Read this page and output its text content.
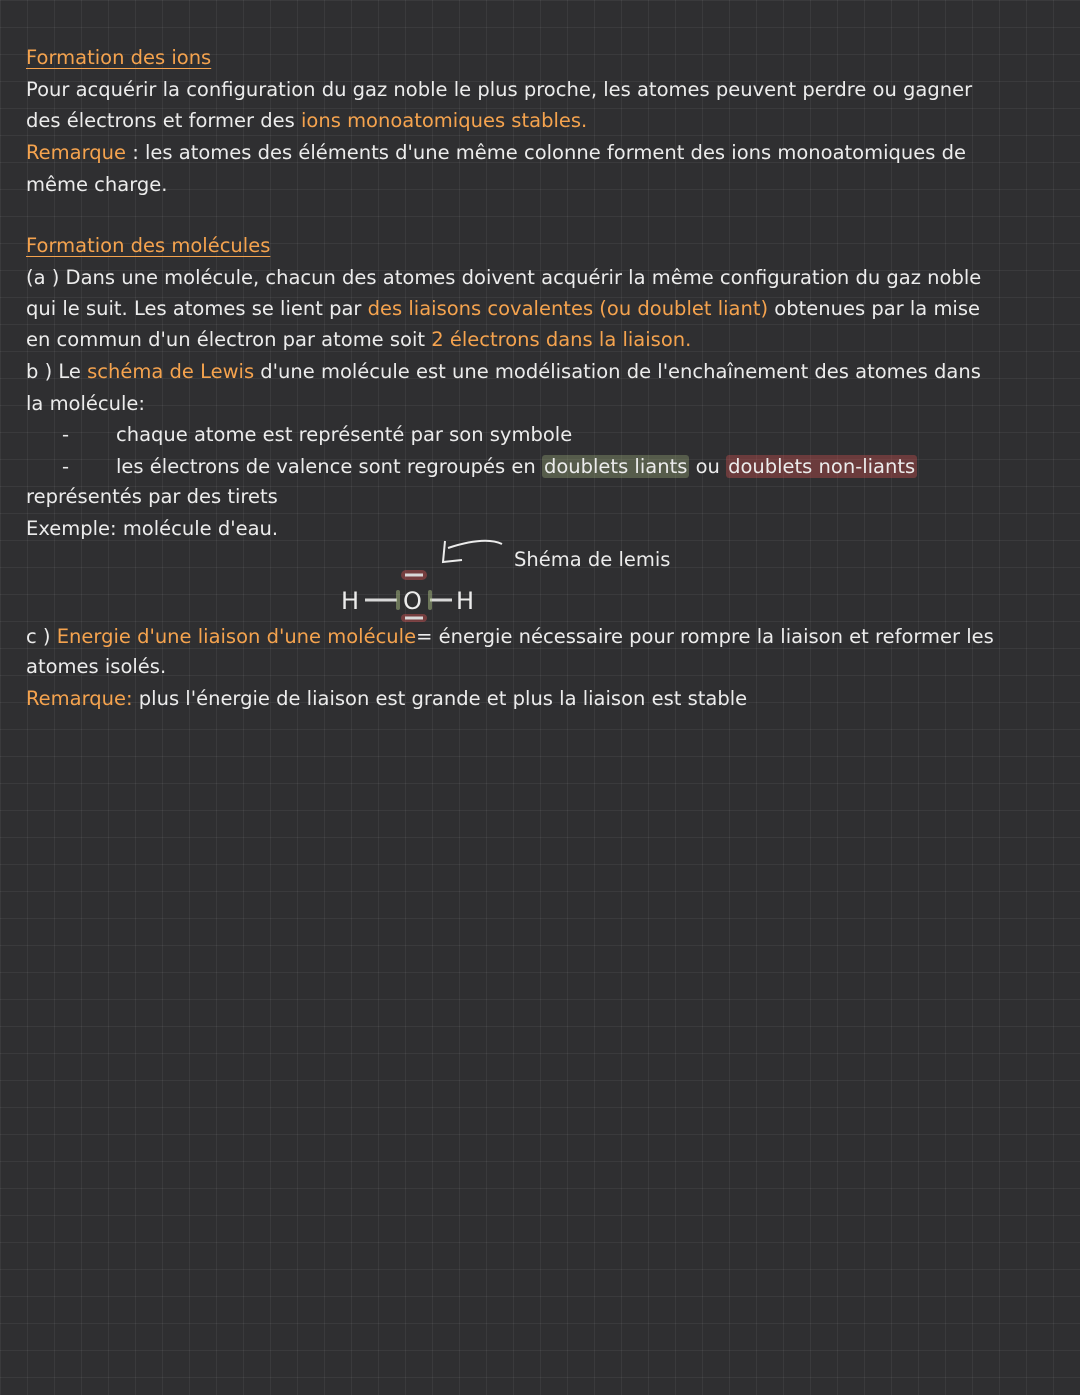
Formation des ions
Pour acquérir la configuration du gaz noble le plus proche, les atomes peuvent perdre ou gagner
des électrons et former des ions monoatomiques stables.
Remarque : les atomes des éléments d'une même colonne forment des ions monoatomiques de
même charge.
Formation des molécules
(a ) Dans une molécule, chacun des atomes doivent acquérir la même configuration du gaz noble
qui le suit. Les atomes se lient par des liaisons covalentes (ou doublet liant) obtenues par la mise
en commun d'un électron par atome soit 2 électrons dans la liaison.
b ) Le schéma de Lewis d'une molécule est une modélisation de l'enchaînement des atomes dans
la molécule:
- chaque atome est représenté par son symbole
- les électrons de valence sont regroupés en doublets liants ou doublets non-liants
représentés par des tirets
Exemple: molécule d'eau.
H O H
Shéma de lemis
c ) Energie d'une liaison d'une molécule= énergie nécessaire pour rompre la liaison et reformer les
atomes isolés.
Remarque: plus l'énergie de liaison est grande et plus la liaison est stable
